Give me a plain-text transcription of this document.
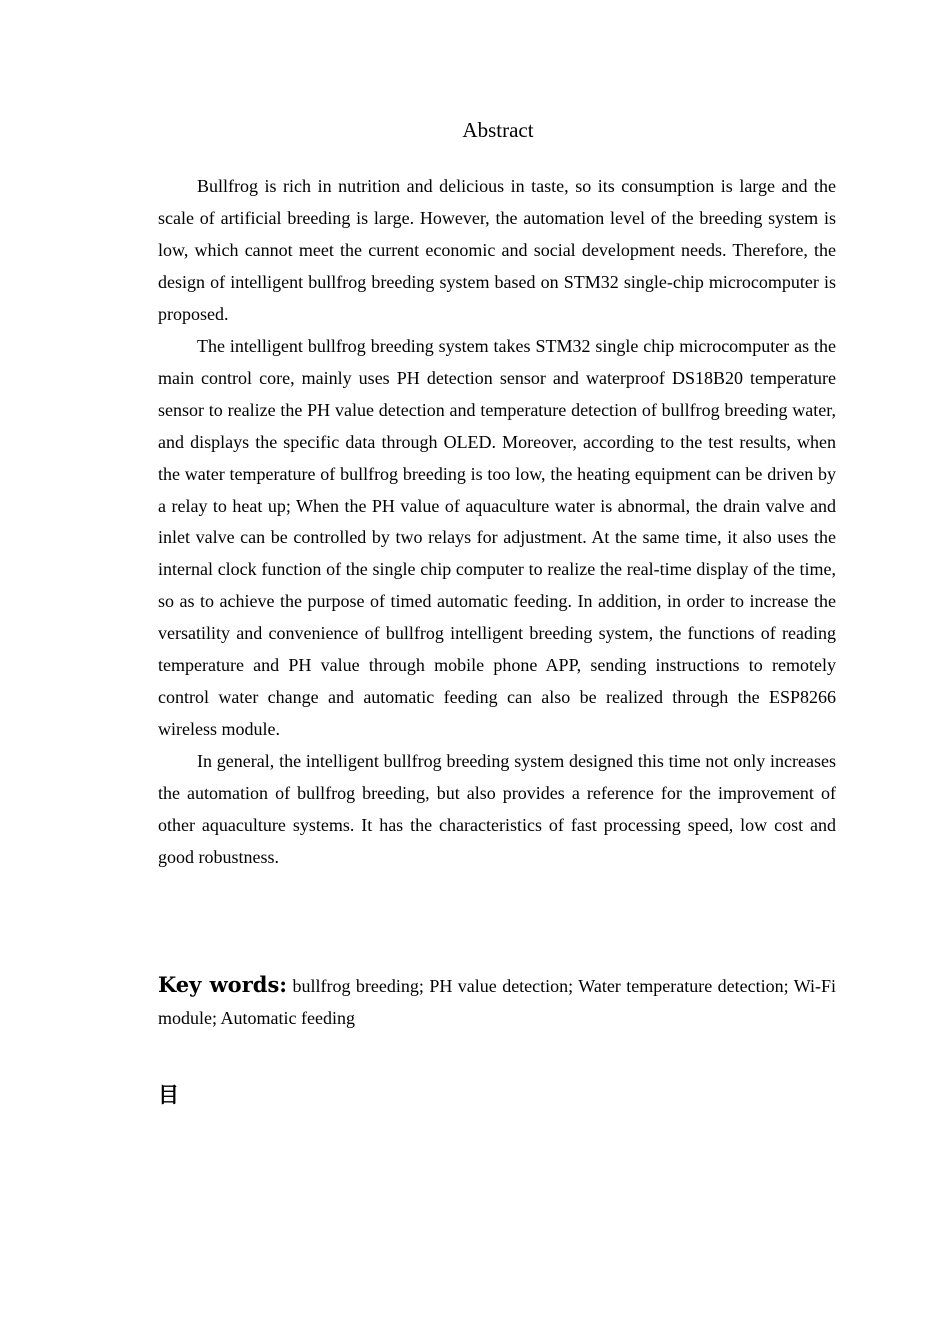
Abstract

Bullfrog is rich in nutrition and delicious in taste, so its consumption is large and the scale of artificial breeding is large. However, the automation level of the breeding system is low, which cannot meet the current economic and social development needs. Therefore, the design of intelligent bullfrog breeding system based on STM32 single-chip microcomputer is proposed.

The intelligent bullfrog breeding system takes STM32 single chip microcomputer as the main control core, mainly uses PH detection sensor and waterproof DS18B20 temperature sensor to realize the PH value detection and temperature detection of bullfrog breeding water, and displays the specific data through OLED. Moreover, according to the test results, when the water temperature of bullfrog breeding is too low, the heating equipment can be driven by a relay to heat up; When the PH value of aquaculture water is abnormal, the drain valve and inlet valve can be controlled by two relays for adjustment. At the same time, it also uses the internal clock function of the single chip computer to realize the real-time display of the time, so as to achieve the purpose of timed automatic feeding. In addition, in order to increase the versatility and convenience of bullfrog intelligent breeding system, the functions of reading temperature and PH value through mobile phone APP, sending instructions to remotely control water change and automatic feeding can also be realized through the ESP8266 wireless module.

In general, the intelligent bullfrog breeding system designed this time not only increases the automation of bullfrog breeding, but also provides a reference for the improvement of other aquaculture systems. It has the characteristics of fast processing speed, low cost and good robustness.

Key words: bullfrog breeding; PH value detection; Water temperature detection; Wi-Fi module; Automatic feeding
目
